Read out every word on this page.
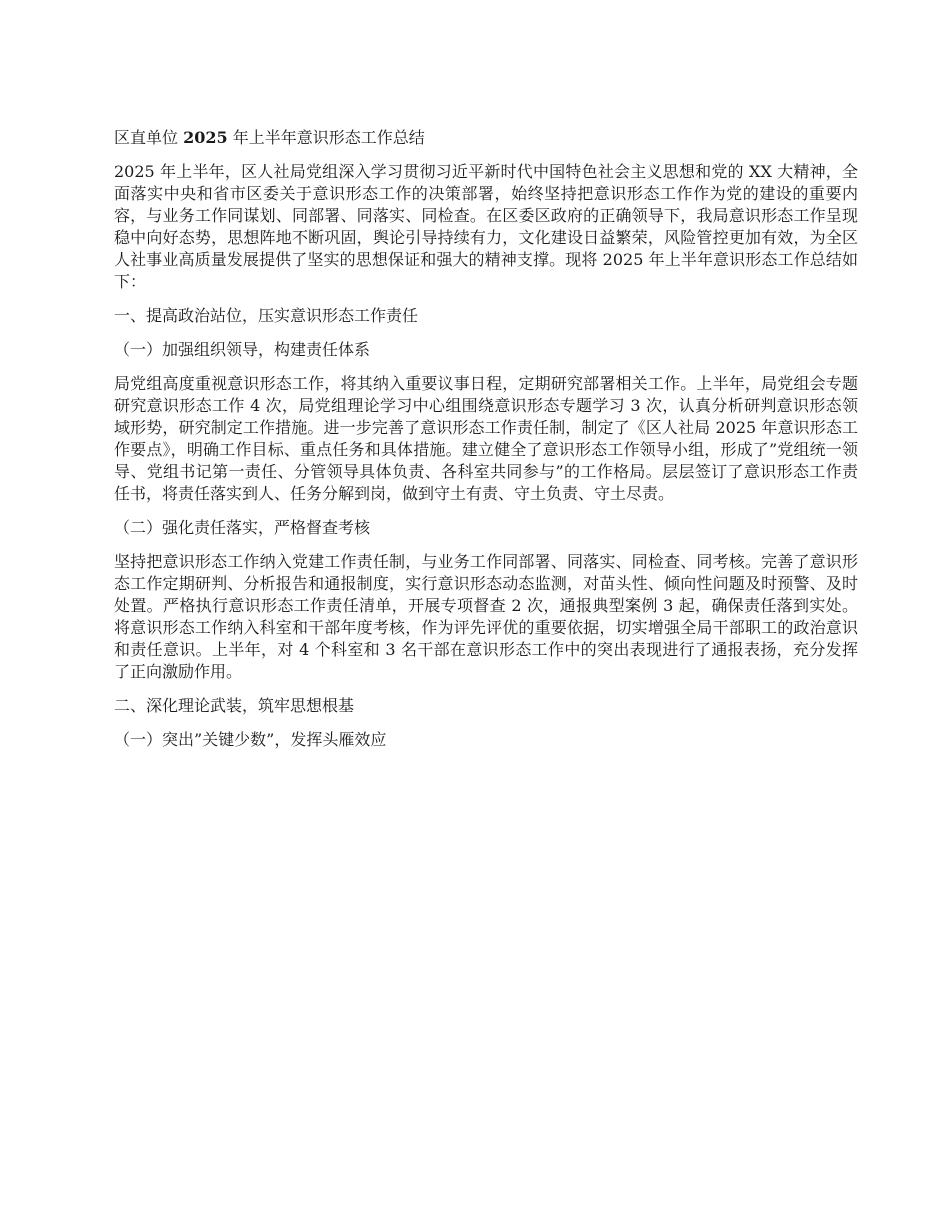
区直单位 2025 年上半年意识形态工作总结

2025 年上半年，区人社局党组深入学习贯彻习近平新时代中国特色社会主义思想和党的 XX 大精神，全面落实中央和省市区委关于意识形态工作的决策部署，始终坚持把意识形态工作作为党的建设的重要内容，与业务工作同谋划、同部署、同落实、同检查。在区委区政府的正确领导下，我局意识形态工作呈现稳中向好态势，思想阵地不断巩固，舆论引导持续有力，文化建设日益繁荣，风险管控更加有效，为全区人社事业高质量发展提供了坚实的思想保证和强大的精神支撑。现将 2025 年上半年意识形态工作总结如下：

一、提高政治站位，压实意识形态工作责任
（一）加强组织领导，构建责任体系

局党组高度重视意识形态工作，将其纳入重要议事日程，定期研究部署相关工作。上半年，局党组会专题研究意识形态工作 4 次，局党组理论学习中心组围绕意识形态专题学习 3 次，认真分析研判意识形态领域形势，研究制定工作措施。进一步完善了意识形态工作责任制，制定了《区人社局 2025 年意识形态工作要点》，明确工作目标、重点任务和具体措施。建立健全了意识形态工作领导小组，形成了”党组统一领导、党组书记第一责任、分管领导具体负责、各科室共同参与”的工作格局。层层签订了意识形态工作责任书，将责任落实到人、任务分解到岗，做到守土有责、守土负责、守土尽责。

（二）强化责任落实，严格督查考核

坚持把意识形态工作纳入党建工作责任制，与业务工作同部署、同落实、同检查、同考核。完善了意识形态工作定期研判、分析报告和通报制度，实行意识形态动态监测，对苗头性、倾向性问题及时预警、及时处置。严格执行意识形态工作责任清单，开展专项督查 2 次，通报典型案例 3 起，确保责任落到实处。将意识形态工作纳入科室和干部年度考核，作为评先评优的重要依据，切实增强全局干部职工的政治意识和责任意识。上半年，对 4 个科室和 3 名干部在意识形态工作中的突出表现进行了通报表扬，充分发挥了正向激励作用。

二、深化理论武装，筑牢思想根基
（一）突出”关键少数”，发挥头雁效应
